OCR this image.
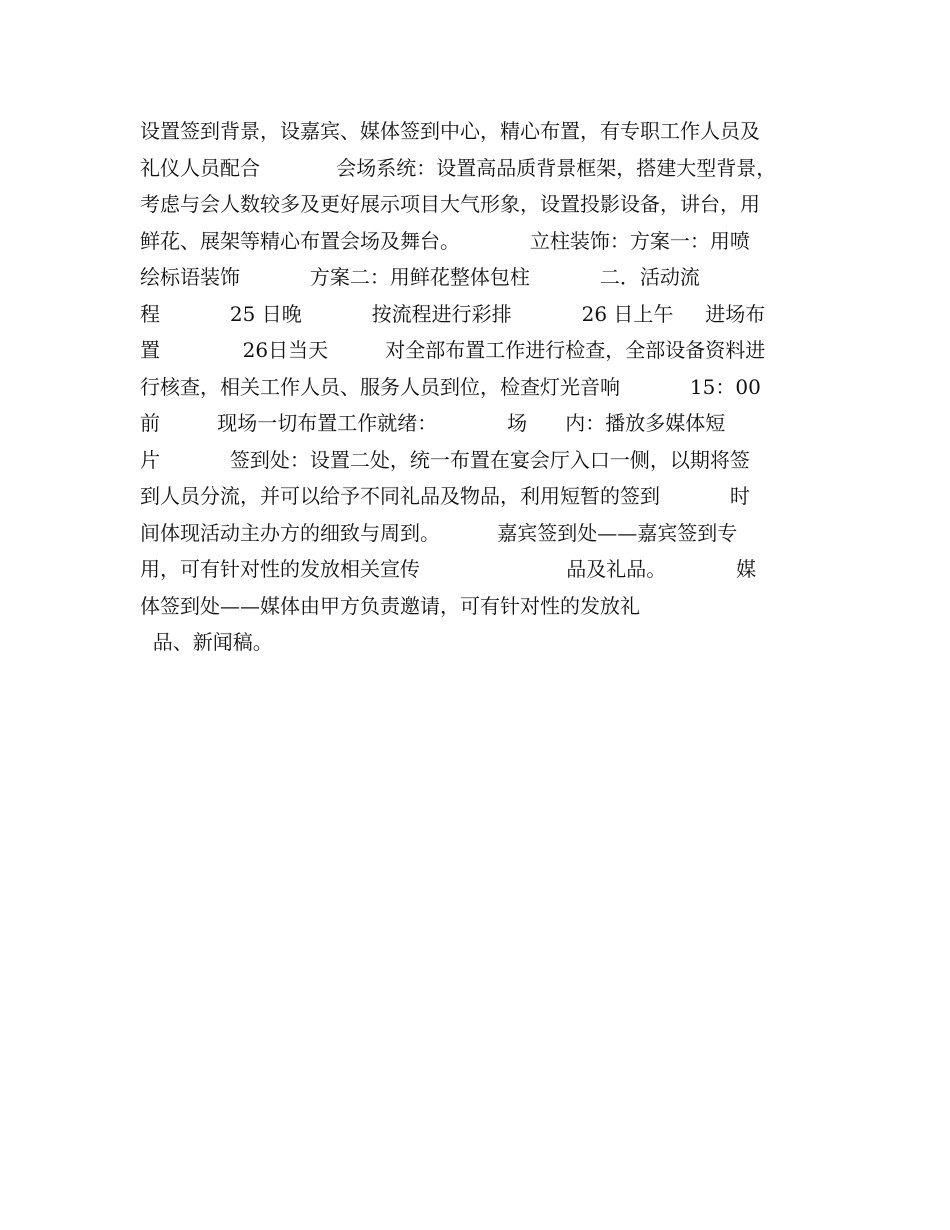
设置签到背景，设嘉宾、媒体签到中心，精心布置，有专职工作人员及
礼仪人员配合            会场系统：设置高品质背景框架，搭建大型背景，
考虑与会人数较多及更好展示项目大气形象，设置投影设备，讲台，用
鲜花、展架等精心布置会场及舞台。           立柱装饰：方案一：用喷
绘标语装饰           方案二：用鲜花整体包柱           二．活动流
程           25 日晚           按流程进行彩排           26 日上午     进场布
置             26日当天         对全部布置工作进行检查，全部设备资料进
行核查，相关工作人员、服务人员到位，检查灯光音响           15：00
前         现场一切布置工作就绪：           场      内：播放多媒体短
片           签到处：设置二处，统一布置在宴会厅入口一侧，以期将签
到人员分流，并可以给予不同礼品及物品，利用短暂的签到           时
间体现活动主办方的细致与周到。         嘉宾签到处——嘉宾签到专
用，可有针对性的发放相关宣传                       品及礼品。           媒
体签到处——媒体由甲方负责邀请，可有针对性的发放礼
品、新闻稿。
